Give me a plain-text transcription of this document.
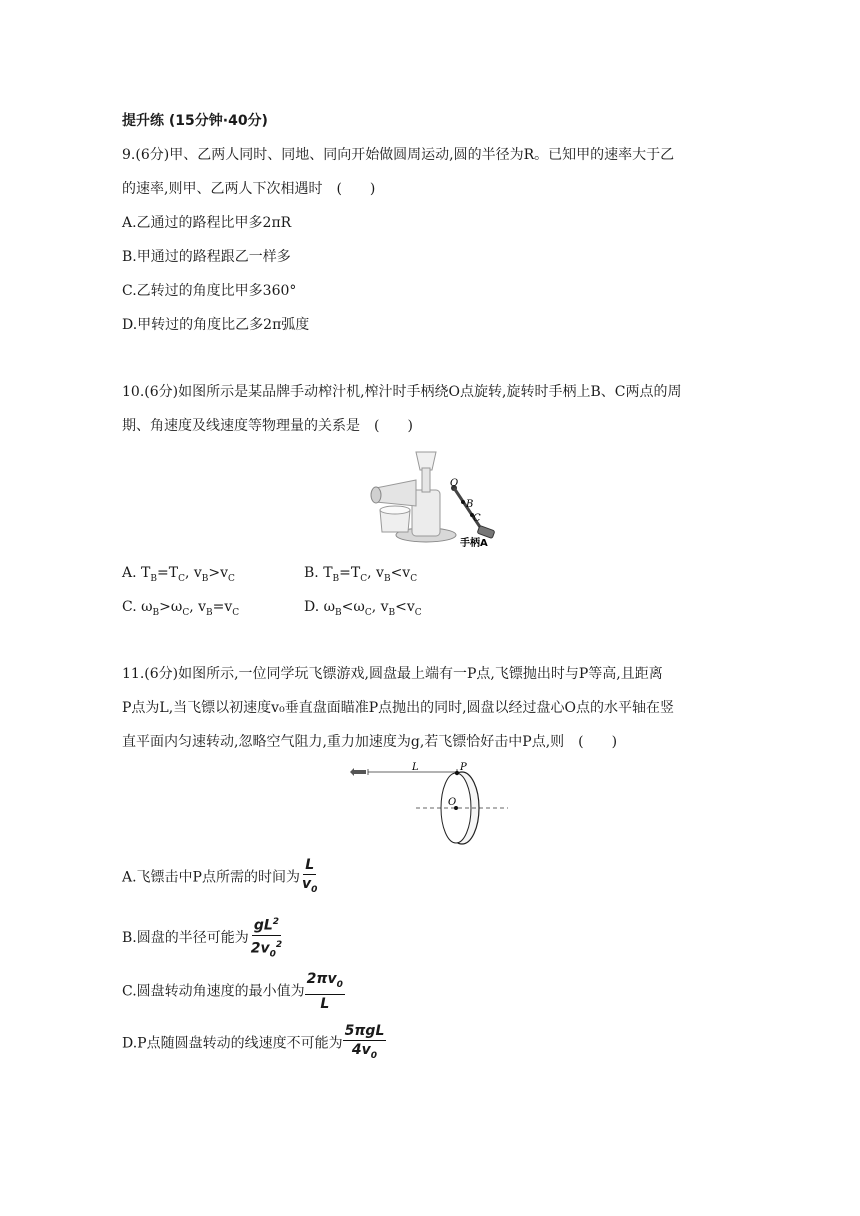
提升练 (15分钟·40分)
9.(6分)甲、乙两人同时、同地、同向开始做圆周运动,圆的半径为R。已知甲的速率大于乙
的速率,则甲、乙两人下次相遇时　(　　)
A.乙通过的路程比甲多2πR
B.甲通过的路程跟乙一样多
C.乙转过的角度比甲多360°
D.甲转过的角度比乙多2π弧度
10.(6分)如图所示是某品牌手动榨汁机,榨汁时手柄绕O点旋转,旋转时手柄上B、C两点的周
期、角速度及线速度等物理量的关系是　(　　)
O
B
C
手柄A
A. $T_B=T_C$, $v_B>v_C$	B. $T_B=T_C$, $v_B<v_C$
C. $\omega_B>\omega_C$, $v_B=v_C$	D. $\omega_B<\omega_C$, $v_B<v_C$
11.(6分)如图所示,一位同学玩飞镖游戏,圆盘最上端有一P点,飞镖抛出时与P等高,且距离
P点为L,当飞镖以初速度v₀垂直盘面瞄准P点抛出的同时,圆盘以经过盘心O点的水平轴在竖
直平面内匀速转动,忽略空气阻力,重力加速度为g,若飞镖恰好击中P点,则　(　　)
L	P
O
A.飞镖击中P点所需的时间为 $\frac{L}{v_0}$
B.圆盘的半径可能为 $\frac{gL^2}{2v_0^2}$
C.圆盘转动角速度的最小值为 $\frac{2\pi v_0}{L}$
D.P点随圆盘转动的线速度不可能为 $\frac{\text{5πgL}}{4v_0}$
